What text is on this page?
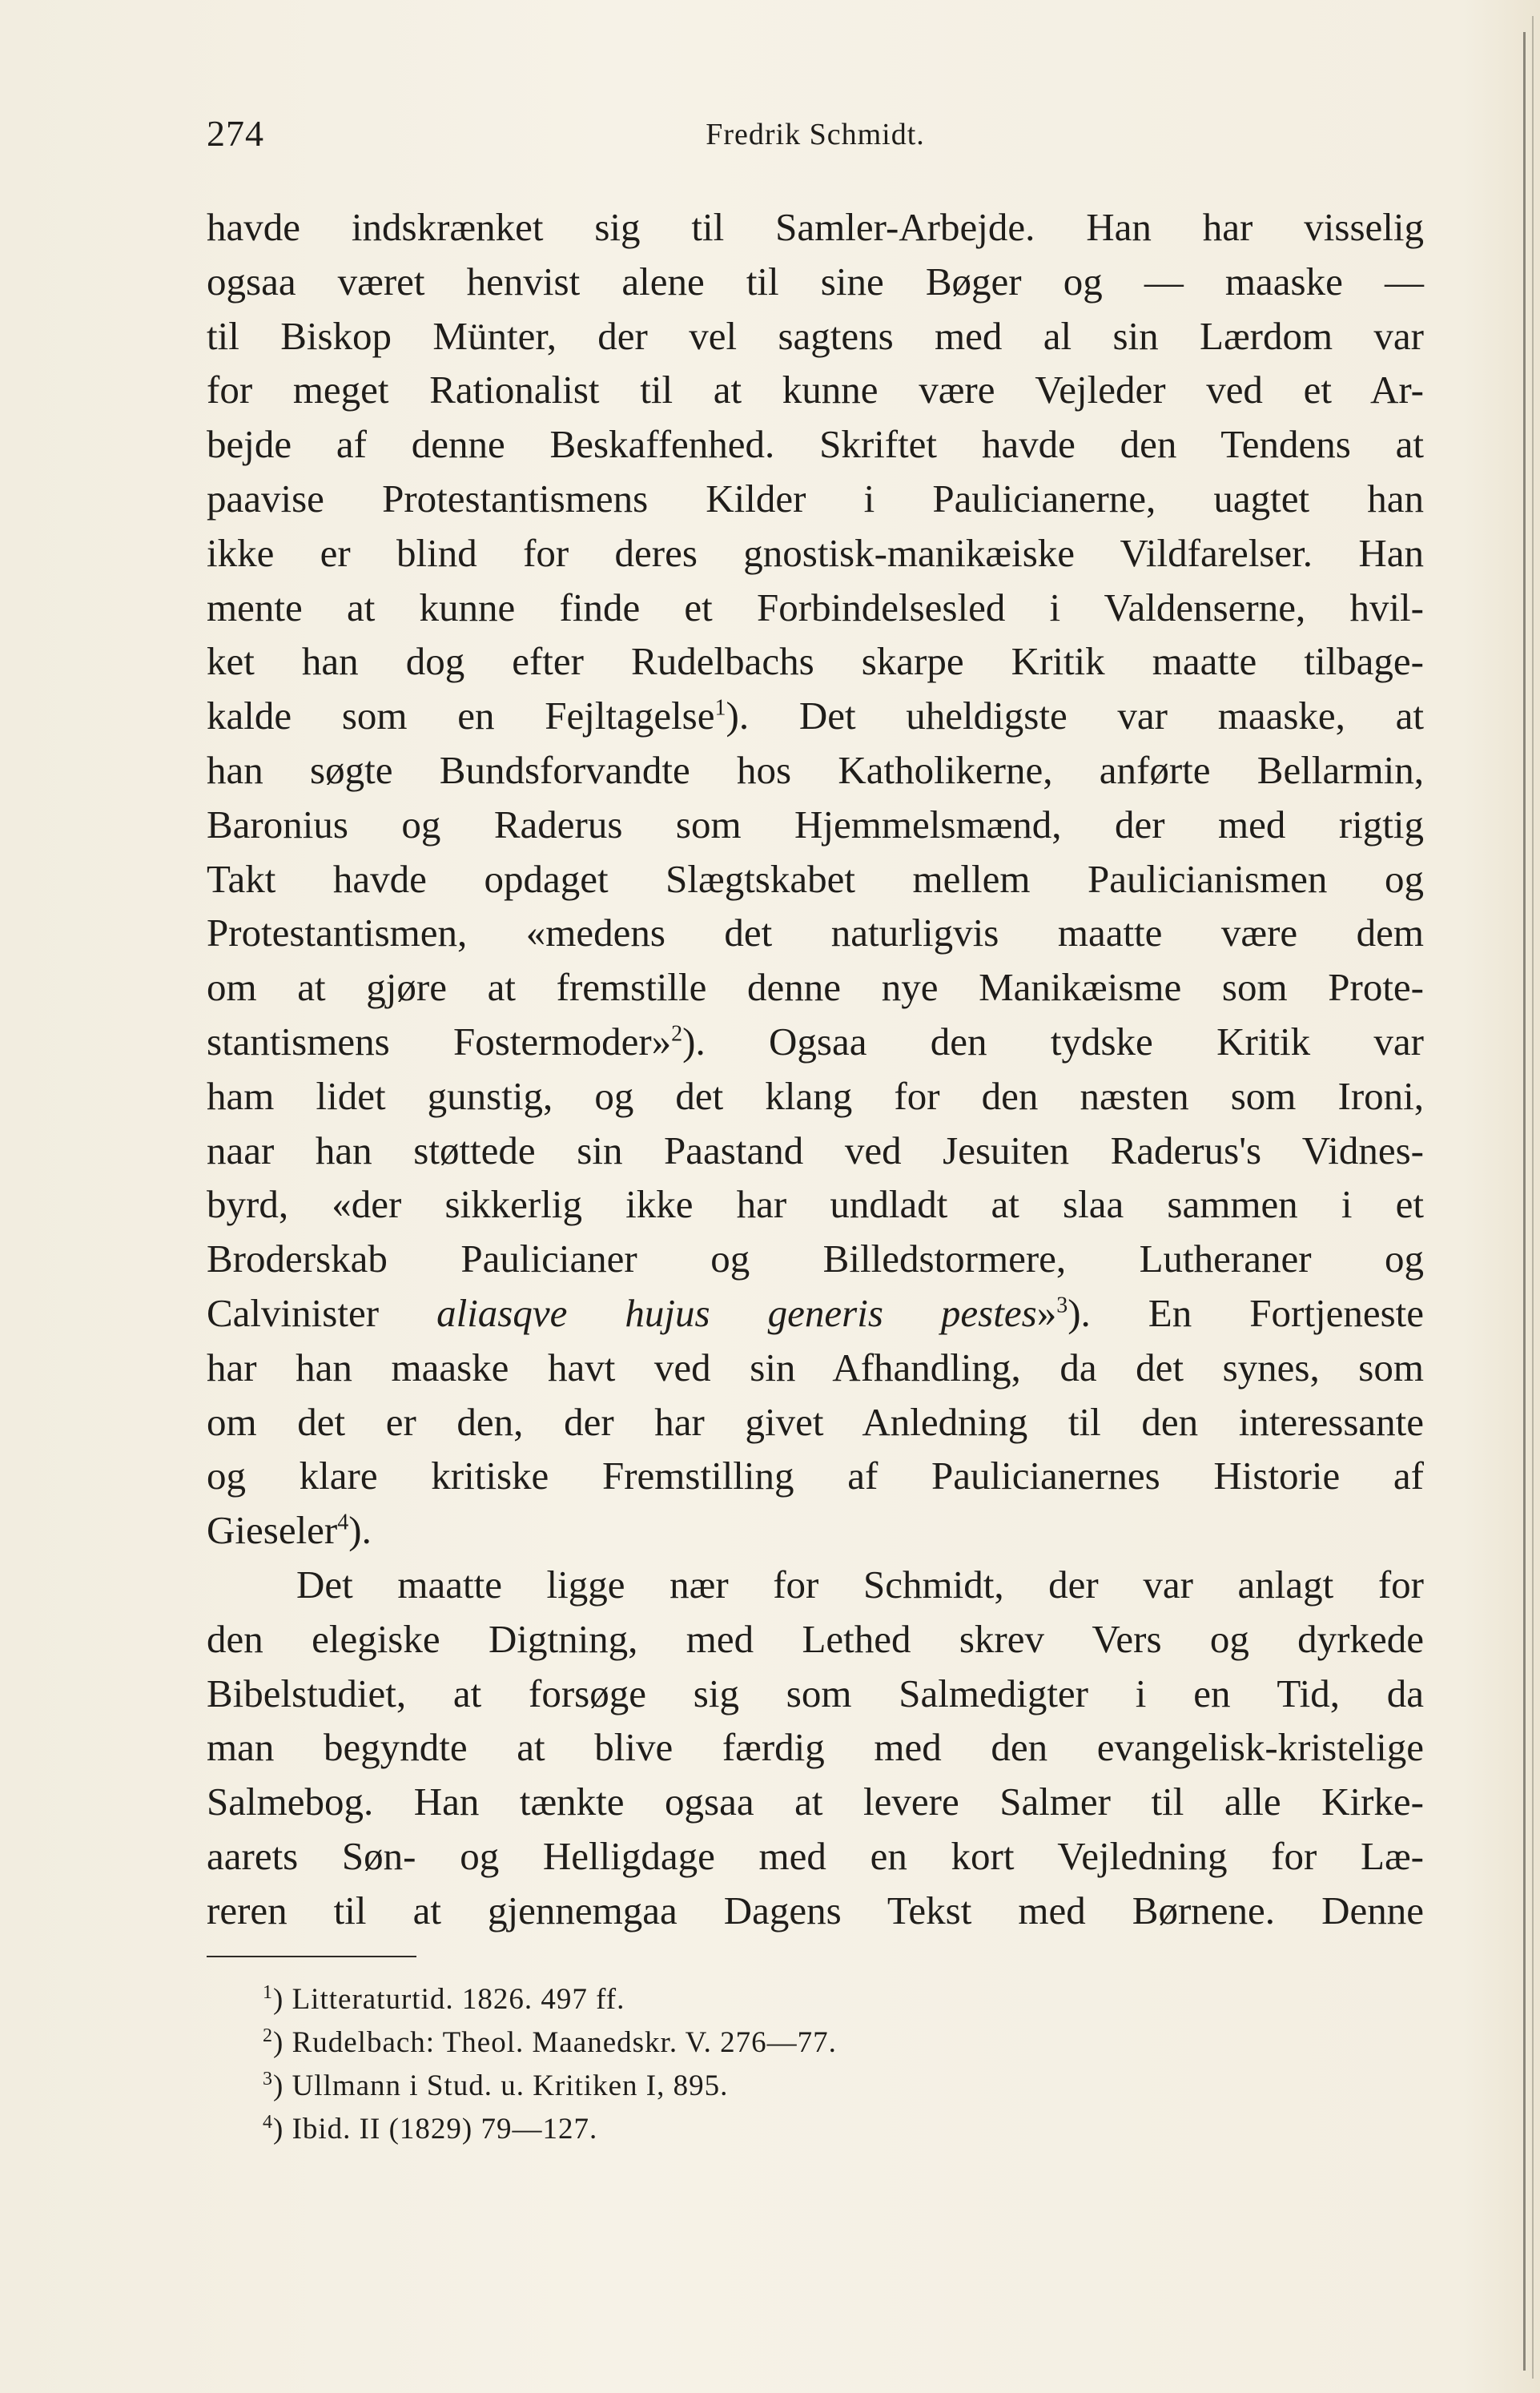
274	Fredrik Schmidt.
havde indskrænket sig til Samler-Arbejde. Han har visselig
ogsaa været henvist alene til sine Bøger og — maaske —
til Biskop Münter, der vel sagtens med al sin Lærdom var
for meget Rationalist til at kunne være Vejleder ved et Ar-
bejde af denne Beskaffenhed. Skriftet havde den Tendens at
paavise Protestantismens Kilder i Paulicianerne, uagtet han
ikke er blind for deres gnostisk-manikæiske Vildfarelser. Han
mente at kunne finde et Forbindelsesled i Valdenserne, hvil-
ket han dog efter Rudelbachs skarpe Kritik maatte tilbage-
kalde som en Fejltagelse$^1$). Det uheldigste var maaske, at
han søgte Bundsforvandte hos Katholikerne, anførte Bellarmin,
Baronius og Raderus som Hjemmelsmænd, der med rigtig
Takt havde opdaget Slægtskabet mellem Paulicianismen og
Protestantismen, «medens det naturligvis maatte være dem
om at gjøre at fremstille denne nye Manikæisme som Prote-
stantismens Fostermoder»$^2$). Ogsaa den tydske Kritik var
ham lidet gunstig, og det klang for den næsten som Ironi,
naar han støttede sin Paastand ved Jesuiten Raderus's Vidnes-
byrd, «der sikkerlig ikke har undladt at slaa sammen i et
Broderskab Paulicianer og Billedstormere, Lutheraner og
Calvinister aliasqve hujus generis pestes»$^3$). En Fortjeneste
har han maaske havt ved sin Afhandling, da det synes, som
om det er den, der har givet Anledning til den interessante
og klare kritiske Fremstilling af Paulicianernes Historie af
Gieseler$^4$).
Det maatte ligge nær for Schmidt, der var anlagt for
den elegiske Digtning, med Lethed skrev Vers og dyrkede
Bibelstudiet, at forsøge sig som Salmedigter i en Tid, da
man begyndte at blive færdig med den evangelisk-kristelige
Salmebog. Han tænkte ogsaa at levere Salmer til alle Kirke-
aarets Søn- og Helligdage med en kort Vejledning for Læ-
reren til at gjennemgaa Dagens Tekst med Børnene. Denne
$^1$) Litteraturtid. 1826. 497 ff.
$^2$) Rudelbach: Theol. Maanedskr. V. 276—77.
$^3$) Ullmann i Stud. u. Kritiken I, 895.
$^4$) Ibid. II (1829) 79—127.
